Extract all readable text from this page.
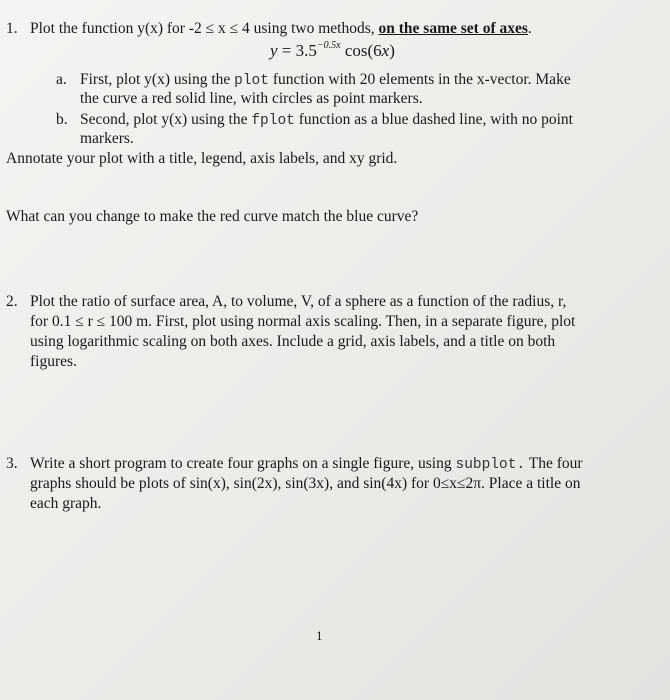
1. Plot the function y(x) for -2 ≤ x ≤ 4 using two methods, on the same set of axes.
$y = 3.5^{-0.5x}$ cos(6x)
a. First, plot y(x) using the plot function with 20 elements in the x-vector. Make
the curve a red solid line, with circles as point markers.
b. Second, plot y(x) using the fplot function as a blue dashed line, with no point
markers.
Annotate your plot with a title, legend, axis labels, and xy grid.
What can you change to make the red curve match the blue curve?
2. Plot the ratio of surface area, A, to volume, V, of a sphere as a function of the radius, r,
for 0.1 ≤ r ≤ 100 m. First, plot using normal axis scaling. Then, in a separate figure, plot
using logarithmic scaling on both axes. Include a grid, axis labels, and a title on both
figures.
3. Write a short program to create four graphs on a single figure, using subplot. The four
graphs should be plots of sin(x), sin(2x), sin(3x), and sin(4x) for 0≤x≤2π. Place a title on
each graph.
1
